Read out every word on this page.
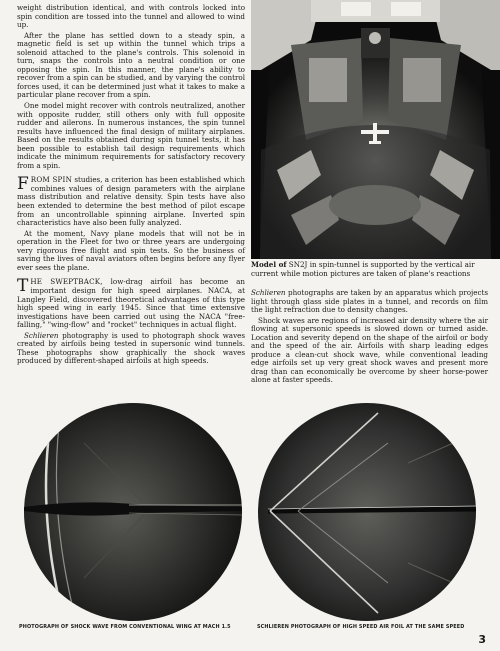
weight distribution identical, and with controls locked into spin condition are tossed into the tunnel and allowed to wind up.

After the plane has settled down to a steady spin, a magnetic field is set up within the tunnel which trips a solenoid attached to the plane's controls. This solenoid in turn, snaps the controls into a neutral condition or one opposing the spin. In this manner, the plane's ability to recover from a spin can be studied, and by varying the control forces used, it can be determined just what it takes to make a particular plane recover from a spin.

One model might recover with controls neutralized, another with opposite rudder, still others only with full opposite rudder and ailerons. In numerous instances, the spin tunnel results have influenced the final design of military airplanes. Based on the results obtained during spin tunnel tests, it has been possible to establish tail design requirements which indicate the minimum requirements for satisfactory recovery from a spin.

FROM SPIN studies, a criterion has been established which combines values of design parameters with the airplane mass distribution and relative density. Spin tests have also been extended to determine the best method of pilot escape from an uncontrollable spinning airplane. Inverted spin characteristics have also been fully analyzed.

At the moment, Navy plane models that will not be in operation in the Fleet for two or three years are undergoing very rigorous free flight and spin tests. So the business of saving the lives of naval aviators often begins before any flyer ever sees the plane.

THE SWEPTBACK, low-drag airfoil has become an important design for high speed airplanes. NACA, at Langley Field, discovered theoretical advantages of this type high speed wing in early 1945. Since that time extensive investigations have been carried out using the NACA "free-falling," "wing-flow" and "rocket" techniques in actual flight.

Schlieren photography is used to photograph shock waves created by airfoils being tested in supersonic wind tunnels. These photographs show graphically the shock waves produced by different-shaped airfoils at high speeds.

Model of SN2J in spin-tunnel is supported by the vertical air current while motion pictures are taken of plane's reactions

Schlieren photographs are taken by an apparatus which projects light through glass side plates in a tunnel, and records on film the light refraction due to density changes.

Shock waves are regions of increased air density where the air flowing at supersonic speeds is slowed down or turned aside. Location and severity depend on the shape of the airfoil or body and the speed of the air. Airfoils with sharp leading edges produce a clean-cut shock wave, while conventional leading edge airfoils set up very great shock waves and present more drag than can economically be overcome by sheer horse-power alone at faster speeds.

PHOTOGRAPH OF SHOCK WAVE FROM CONVENTIONAL WING AT MACH 1.5	SCHLIEREN PHOTOGRAPH OF HIGH SPEED AIR FOIL AT THE SAME SPEED
3
